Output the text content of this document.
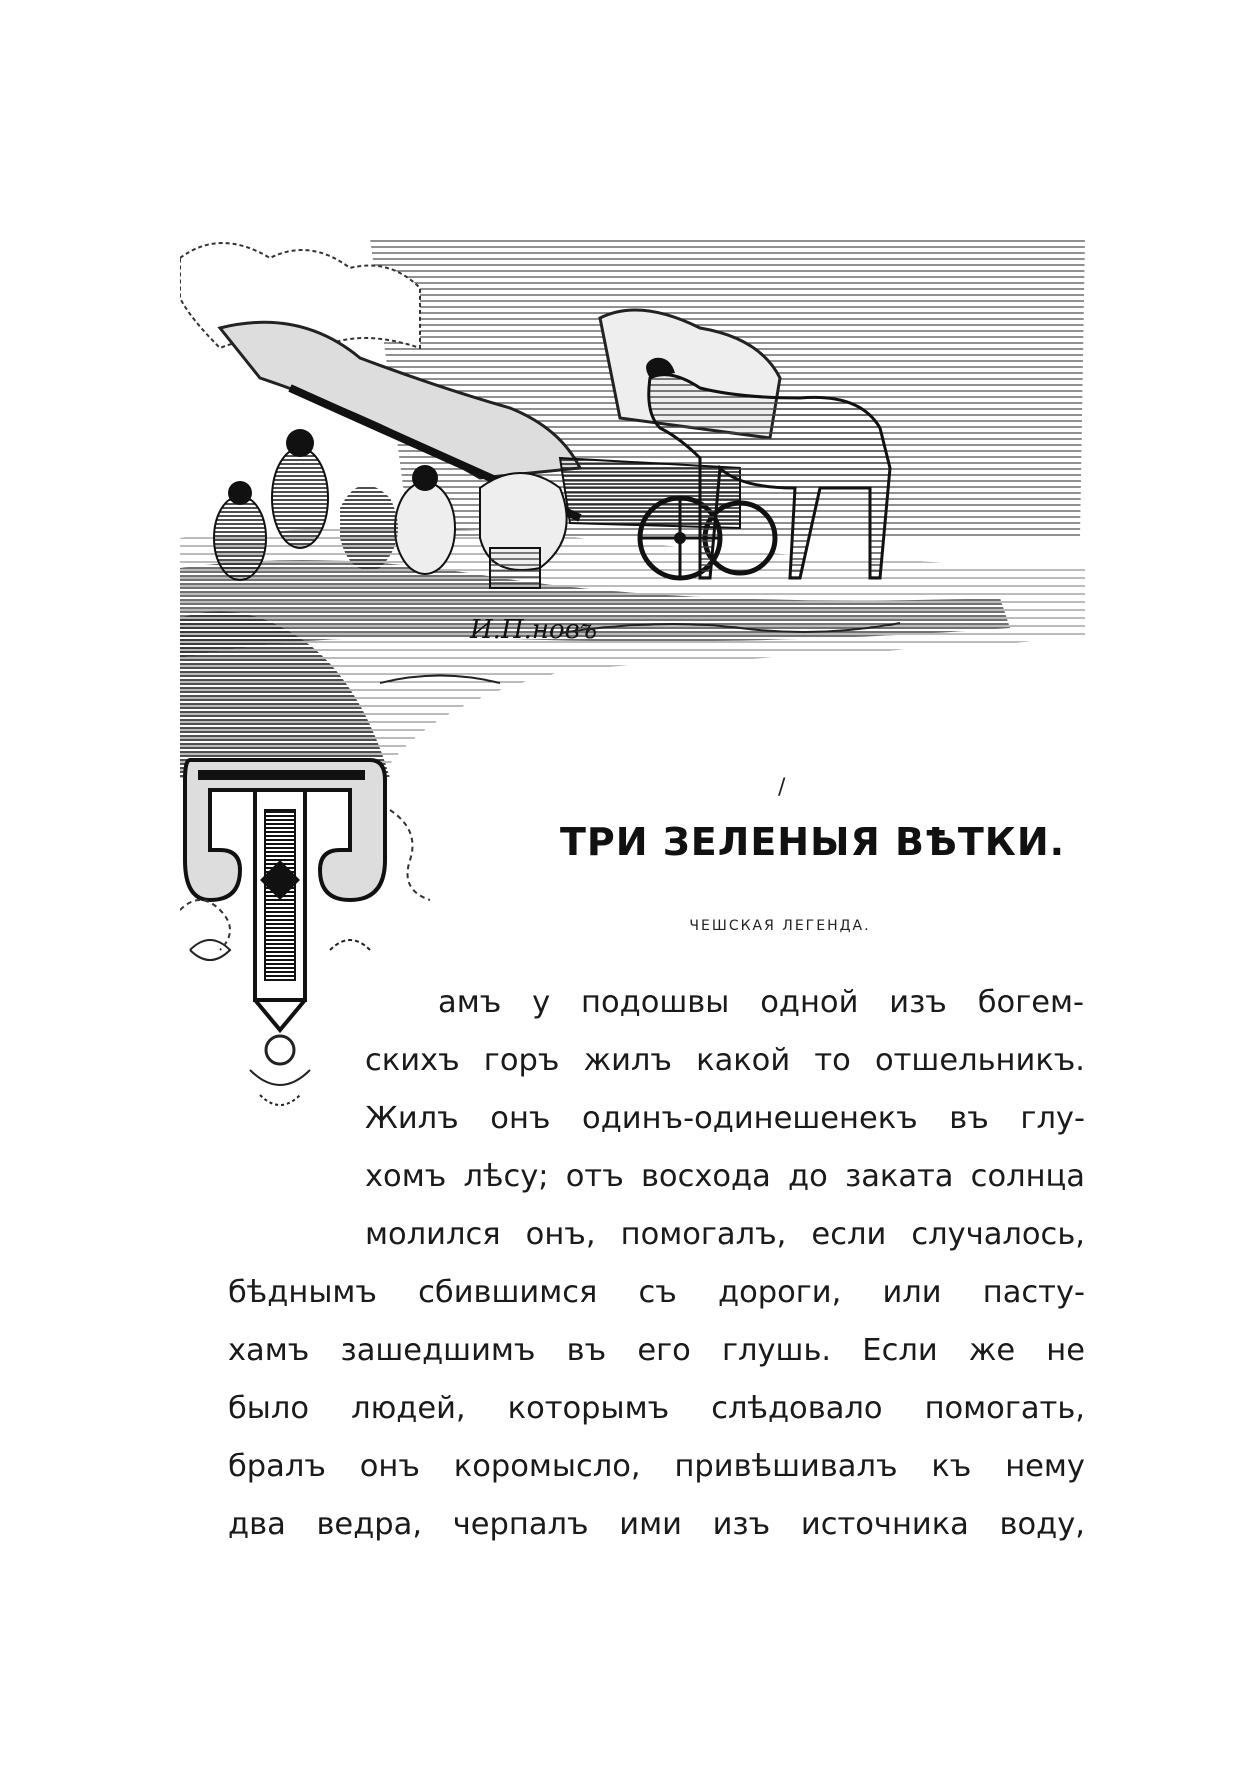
И.П.новъ
/
ТРИ ЗЕЛЕНЫЯ ВѢТКИ.
ЧЕШСКАЯ ЛЕГЕНДА.
амъ у подошвы одной изъ богем-
скихъ горъ жилъ какой то отшельникъ.
Жилъ онъ одинъ-одинешенекъ въ глу-
хомъ лѣсу; отъ восхода до заката солнца
молился онъ, помогалъ, если случалось,
бѣднымъ сбившимся съ дороги, или пасту-
хамъ зашедшимъ въ его глушь. Если же не
было людей, которымъ слѣдовало помогать,
бралъ онъ коромысло, привѣшивалъ къ нему
два ведра, черпалъ ими изъ источника воду,
